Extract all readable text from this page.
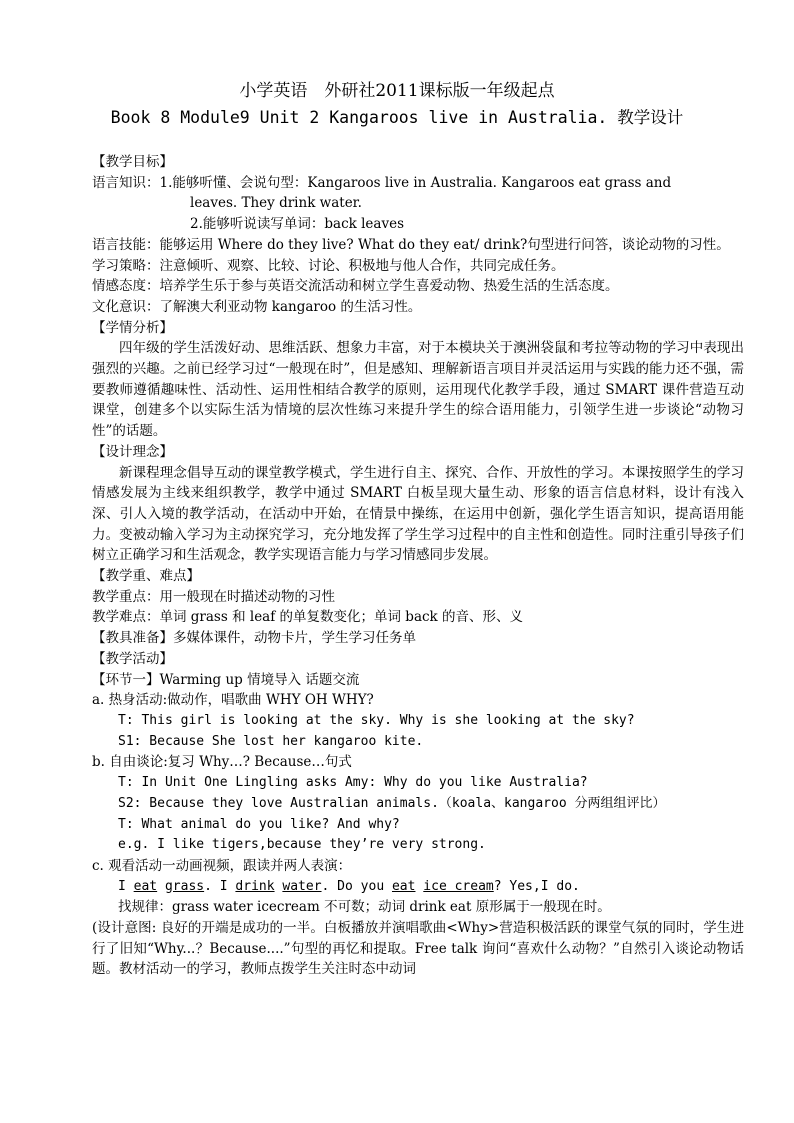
小学英语　外研社2011课标版一年级起点
Book 8 Module9 Unit 2 Kangaroos live in Australia. 教学设计

【教学目标】

语言知识：1.能够听懂、会说句型：Kangaroos live in Australia. Kangaroos eat grass and

leaves. They drink water.

2.能够听说读写单词：back leaves

语言技能：能够运用 Where do they live? What do they eat/ drink?句型进行问答，谈论动物的习性。

学习策略：注意倾听、观察、比较、讨论、积极地与他人合作，共同完成任务。

情感态度：培养学生乐于参与英语交流活动和树立学生喜爱动物、热爱生活的生活态度。

文化意识：了解澳大利亚动物 kangaroo 的生活习性。

【学情分析】

四年级的学生活泼好动、思维活跃、想象力丰富，对于本模块关于澳洲袋鼠和考拉等动物的学习中表现出强烈的兴趣。之前已经学习过“一般现在时”，但是感知、理解新语言项目并灵活运用与实践的能力还不强，需要教师遵循趣味性、活动性、运用性相结合教学的原则，运用现代化教学手段，通过 SMART 课件营造互动课堂，创建多个以实际生活为情境的层次性练习来提升学生的综合语用能力，引领学生进一步谈论“动物习性”的话题。

【设计理念】

新课程理念倡导互动的课堂教学模式，学生进行自主、探究、合作、开放性的学习。本课按照学生的学习情感发展为主线来组织教学，教学中通过 SMART 白板呈现大量生动、形象的语言信息材料，设计有浅入深、引人入境的教学活动，在活动中开始，在情景中操练，在运用中创新，强化学生语言知识，提高语用能力。变被动输入学习为主动探究学习，充分地发挥了学生学习过程中的自主性和创造性。同时注重引导孩子们树立正确学习和生活观念，教学实现语言能力与学习情感同步发展。

【教学重、难点】

教学重点：用一般现在时描述动物的习性

教学难点：单词 grass 和 leaf 的单复数变化；单词 back 的音、形、义

【教具准备】多媒体课件，动物卡片，学生学习任务单

【教学活动】

【环节一】Warming up 情境导入 话题交流

a. 热身活动:做动作，唱歌曲 WHY OH WHY?

T: This girl is looking at the sky. Why is she looking at the sky?

S1: Because She lost her kangaroo kite.

b. 自由谈论:复习 Why…? Because…句式

T: In Unit One Lingling asks Amy: Why do you like Australia?

S2: Because they love Australian animals.（koala、kangaroo 分两组组评比）

T: What animal do you like? And why?

e.g. I like tigers,because they’re very strong.

c. 观看活动一动画视频，跟读并两人表演：

I eat grass. I drink water. Do you eat ice cream? Yes,I do.

找规律：grass water icecream 不可数；动词 drink eat 原形属于一般现在时。

(设计意图: 良好的开端是成功的一半。白板播放并演唱歌曲<Why>营造积极活跃的课堂气氛的同时，学生进行了旧知“Why...？Because....”句型的再忆和提取。Free talk 询问“喜欢什么动物？”自然引入谈论动物话题。教材活动一的学习，教师点拨学生关注时态中动词
